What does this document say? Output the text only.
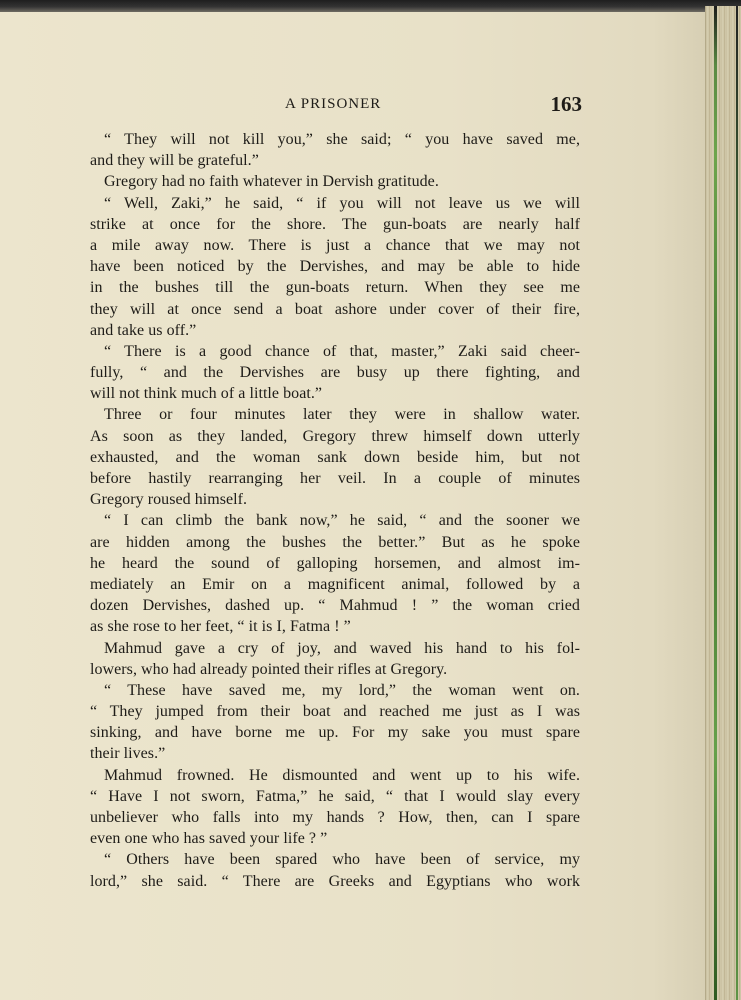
A PRISONER	163
“ They will not kill you,” she said; “ you have saved me,
and they will be grateful.”
Gregory had no faith whatever in Dervish gratitude.
“ Well, Zaki,” he said, “ if you will not leave us we will
strike at once for the shore. The gun-boats are nearly half
a mile away now. There is just a chance that we may not
have been noticed by the Dervishes, and may be able to hide
in the bushes till the gun-boats return. When they see me
they will at once send a boat ashore under cover of their fire,
and take us off.”
“ There is a good chance of that, master,” Zaki said cheer-
fully, “ and the Dervishes are busy up there fighting, and
will not think much of a little boat.”
Three or four minutes later they were in shallow water.
As soon as they landed, Gregory threw himself down utterly
exhausted, and the woman sank down beside him, but not
before hastily rearranging her veil. In a couple of minutes
Gregory roused himself.
“ I can climb the bank now,” he said, “ and the sooner we
are hidden among the bushes the better.” But as he spoke
he heard the sound of galloping horsemen, and almost im-
mediately an Emir on a magnificent animal, followed by a
dozen Dervishes, dashed up. “ Mahmud ! ” the woman cried
as she rose to her feet, “ it is I, Fatma ! ”
Mahmud gave a cry of joy, and waved his hand to his fol-
lowers, who had already pointed their rifles at Gregory.
“ These have saved me, my lord,” the woman went on.
“ They jumped from their boat and reached me just as I was
sinking, and have borne me up. For my sake you must spare
their lives.”
Mahmud frowned. He dismounted and went up to his wife.
“ Have I not sworn, Fatma,” he said, “ that I would slay every
unbeliever who falls into my hands ? How, then, can I spare
even one who has saved your life ? ”
“ Others have been spared who have been of service, my
lord,” she said. “ There are Greeks and Egyptians who work
